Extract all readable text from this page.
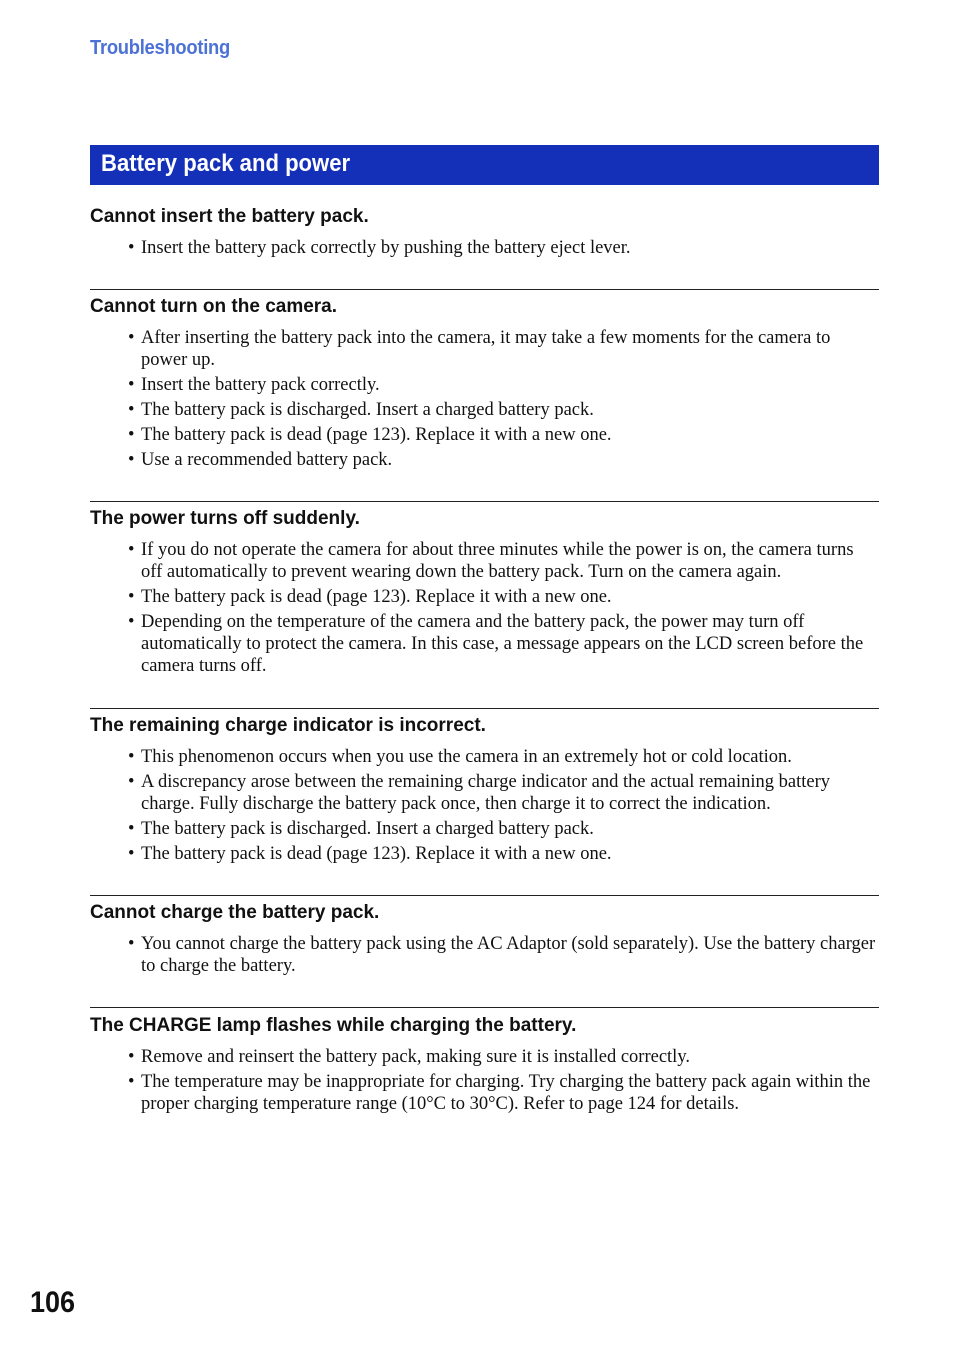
Troubleshooting
Battery pack and power
Cannot insert the battery pack.
• Insert the battery pack correctly by pushing the battery eject lever.
Cannot turn on the camera.
• After inserting the battery pack into the camera, it may take a few moments for the camera to power up.
• Insert the battery pack correctly.
• The battery pack is discharged. Insert a charged battery pack.
• The battery pack is dead (page 123). Replace it with a new one.
• Use a recommended battery pack.
The power turns off suddenly.
• If you do not operate the camera for about three minutes while the power is on, the camera turns off automatically to prevent wearing down the battery pack. Turn on the camera again.
• The battery pack is dead (page 123). Replace it with a new one.
• Depending on the temperature of the camera and the battery pack, the power may turn off automatically to protect the camera. In this case, a message appears on the LCD screen before the camera turns off.
The remaining charge indicator is incorrect.
• This phenomenon occurs when you use the camera in an extremely hot or cold location.
• A discrepancy arose between the remaining charge indicator and the actual remaining battery charge. Fully discharge the battery pack once, then charge it to correct the indication.
• The battery pack is discharged. Insert a charged battery pack.
• The battery pack is dead (page 123). Replace it with a new one.
Cannot charge the battery pack.
• You cannot charge the battery pack using the AC Adaptor (sold separately). Use the battery charger to charge the battery.
The CHARGE lamp flashes while charging the battery.
• Remove and reinsert the battery pack, making sure it is installed correctly.
• The temperature may be inappropriate for charging. Try charging the battery pack again within the proper charging temperature range (10°C to 30°C). Refer to page 124 for details.
106
